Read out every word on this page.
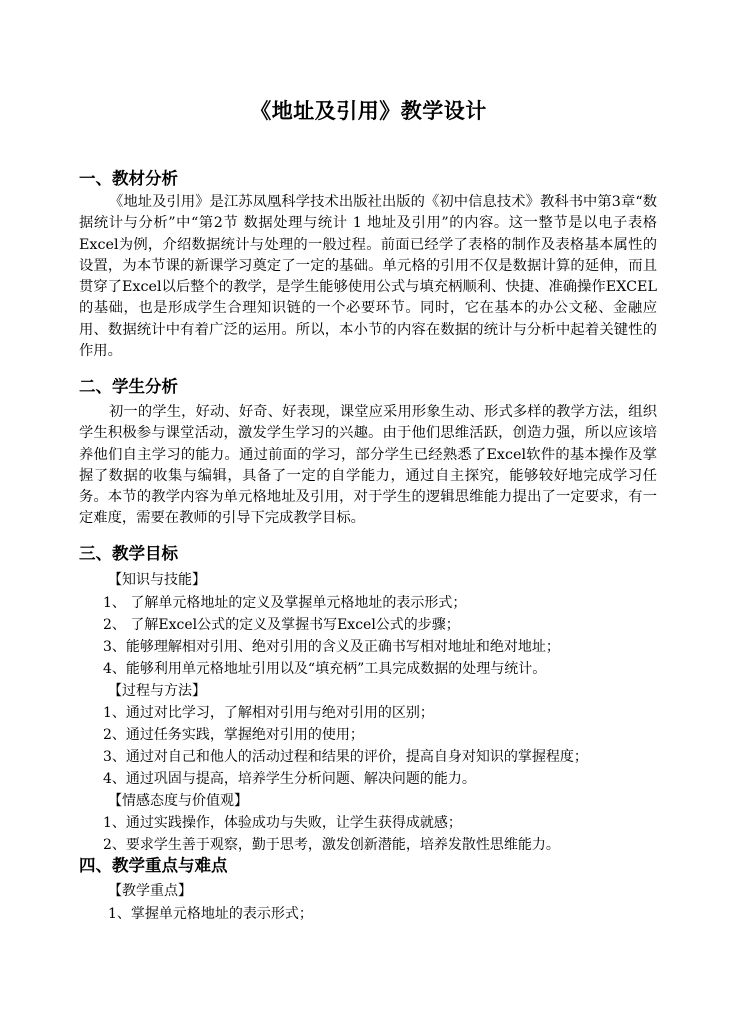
《地址及引用》教学设计
一、教材分析
《地址及引用》是江苏凤凰科学技术出版社出版的《初中信息技术》教科书中第3章“数据统计与分析”中“第2节 数据处理与统计 1 地址及引用”的内容。这一整节是以电子表格Excel为例，介绍数据统计与处理的一般过程。前面已经学了表格的制作及表格基本属性的设置，为本节课的新课学习奠定了一定的基础。单元格的引用不仅是数据计算的延伸，而且贯穿了Excel以后整个的教学，是学生能够使用公式与填充柄顺利、快捷、准确操作EXCEL的基础，也是形成学生合理知识链的一个必要环节。同时，它在基本的办公文秘、金融应用、数据统计中有着广泛的运用。所以，本小节的内容在数据的统计与分析中起着关键性的作用。
二、学生分析
初一的学生，好动、好奇、好表现，课堂应采用形象生动、形式多样的教学方法，组织学生积极参与课堂活动，激发学生学习的兴趣。由于他们思维活跃，创造力强，所以应该培养他们自主学习的能力。通过前面的学习，部分学生已经熟悉了Excel软件的基本操作及掌握了数据的收集与编辑，具备了一定的自学能力，通过自主探究，能够较好地完成学习任务。本节的教学内容为单元格地址及引用，对于学生的逻辑思维能力提出了一定要求，有一定难度，需要在教师的引导下完成教学目标。
三、教学目标
【知识与技能】
1、 了解单元格地址的定义及掌握单元格地址的表示形式；
2、 了解Excel公式的定义及掌握书写Excel公式的步骤；
3、能够理解相对引用、绝对引用的含义及正确书写相对地址和绝对地址；
4、能够利用单元格地址引用以及“填充柄”工具完成数据的处理与统计。
【过程与方法】
1、通过对比学习，了解相对引用与绝对引用的区别；
2、通过任务实践，掌握绝对引用的使用；
3、通过对自己和他人的活动过程和结果的评价，提高自身对知识的掌握程度；
4、通过巩固与提高，培养学生分析问题、解决问题的能力。
【情感态度与价值观】
1、通过实践操作，体验成功与失败，让学生获得成就感；
2、要求学生善于观察，勤于思考，激发创新潜能，培养发散性思维能力。
四、教学重点与难点
【教学重点】
1、掌握单元格地址的表示形式；
